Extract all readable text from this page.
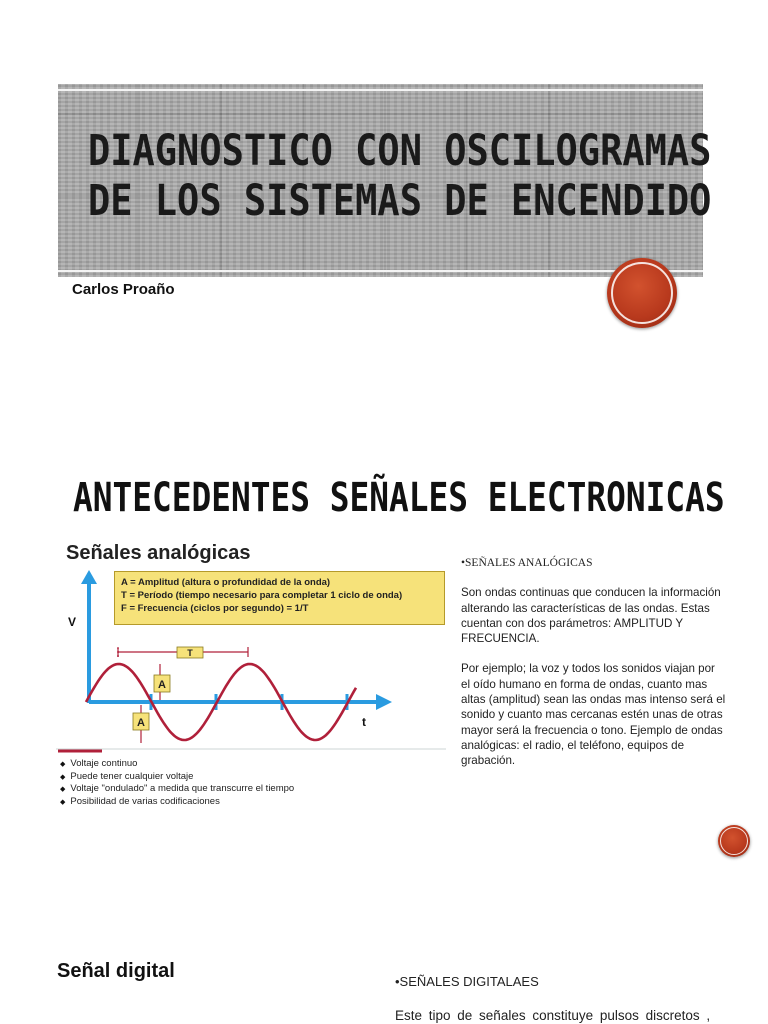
DIAGNOSTICO CON OSCILOGRAMAS
DE LOS SISTEMAS DE ENCENDIDO
Carlos Proaño
ANTECEDENTES SEÑALES ELECTRONICAS
Señales analógicas
T
A
A
V
t
A = Amplitud (altura o profundidad de la onda)
T = Período (tiempo necesario para completar 1 ciclo de onda)
F = Frecuencia (ciclos por segundo) = 1/T
◆ Voltaje continuo
◆ Puede tener cualquier voltaje
◆ Voltaje "ondulado" a medida que transcurre el tiempo
◆ Posibilidad de varias codificaciones
•SEÑALES ANALÓGICAS

Son ondas continuas que conducen la información alterando las características de las ondas. Estas cuentan con dos parámetros: AMPLITUD Y FRECUENCIA.

Por ejemplo; la voz y todos los sonidos viajan por el oído humano en forma de ondas, cuanto mas altas (amplitud) sean las ondas mas intenso será el sonido y cuanto mas cercanas estén unas de otras mayor será la frecuencia o tono. Ejemplo de ondas analógicas: el radio, el teléfono, equipos de grabación.

Señal digital	•SEÑALES DIGITALAES
Este tipo de señales constituye pulsos discretos ,
